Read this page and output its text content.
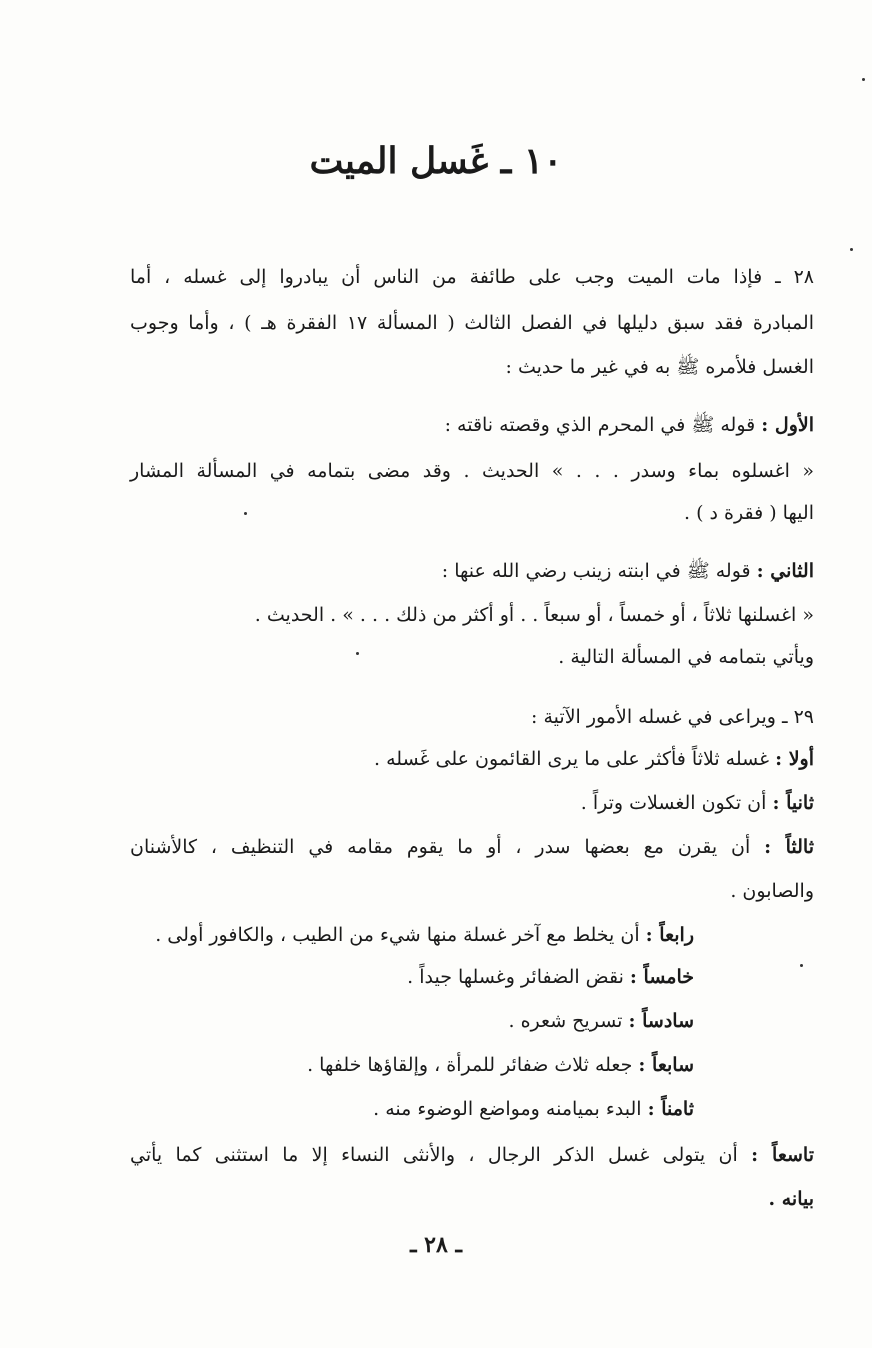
١٠ ـ غَسل الميت
٢٨ ـ فإذا مات الميت وجب على طائفة من الناس أن يبادروا إلى غسله ، أما
المبادرة فقد سبق دليلها في الفصل الثالث ( المسألة ١٧ الفقرة هـ ) ، وأما وجوب
الغسل فلأمره ﷺ به في غير ما حديث :
الأول : قوله ﷺ في المحرم الذي وقصته ناقته :
« اغسلوه بماء وسدر . . . » الحديث . وقد مضى بتمامه في المسألة المشار
اليها ( فقرة د ) .
الثاني : قوله ﷺ في ابنته زينب رضي الله عنها :
« اغسلنها ثلاثاً ، أو خمساً ، أو سبعاً . . أو أكثر من ذلك . . . » . الحديث .
ويأتي بتمامه في المسألة التالية .
٢٩ ـ ويراعى في غسله الأمور الآتية :
أولا : غسله ثلاثاً فأكثر على ما يرى القائمون على غَسله .
ثانياً : أن تكون الغسلات وتراً .
ثالثاً : أن يقرن مع بعضها سدر ، أو ما يقوم مقامه في التنظيف ، كالأشنان
والصابون .
رابعاً : أن يخلط مع آخر غسلة منها شيء من الطيب ، والكافور أولى .
خامساً : نقض الضفائر وغسلها جيداً .
سادساً : تسريح شعره .
سابعاً : جعله ثلاث ضفائر للمرأة ، وإلقاؤها خلفها .
ثامناً : البدء بميامنه ومواضع الوضوء منه .
تاسعاً : أن يتولى غسل الذكر الرجال ، والأنثى النساء إلا ما استثنى كما يأتي
بيانه .
ـ ٢٨ ـ
